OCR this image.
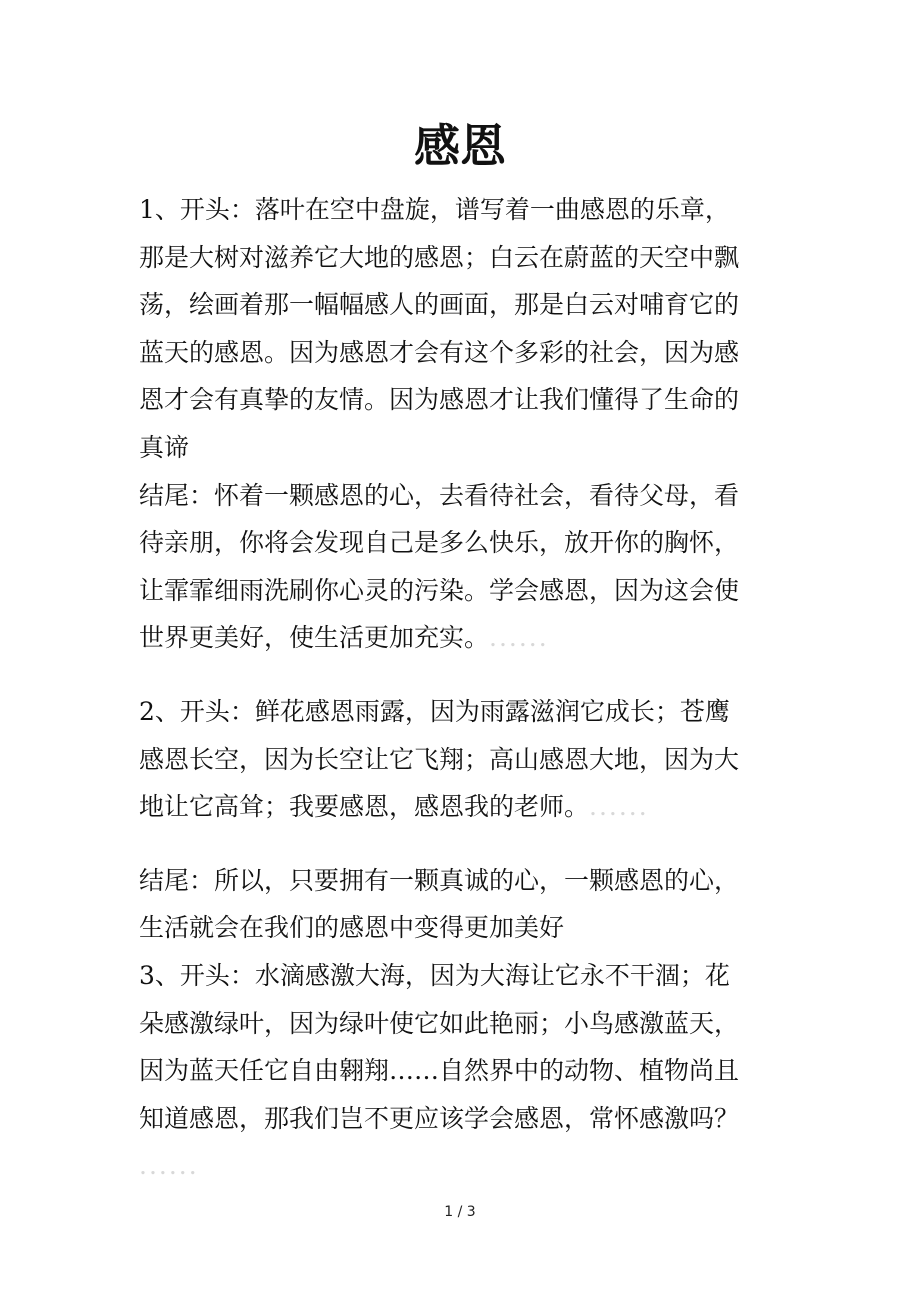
感恩
1、开头：落叶在空中盘旋，谱写着一曲感恩的乐章，
那是大树对滋养它大地的感恩；白云在蔚蓝的天空中飘
荡，绘画着那一幅幅感人的画面，那是白云对哺育它的
蓝天的感恩。因为感恩才会有这个多彩的社会，因为感
恩才会有真挚的友情。因为感恩才让我们懂得了生命的
真谛
结尾：怀着一颗感恩的心，去看待社会，看待父母，看
待亲朋，你将会发现自己是多么快乐，放开你的胸怀，
让霏霏细雨洗刷你心灵的污染。学会感恩，因为这会使
世界更美好，使生活更加充实。......
2、开头：鲜花感恩雨露，因为雨露滋润它成长；苍鹰
感恩长空，因为长空让它飞翔；高山感恩大地，因为大
地让它高耸；我要感恩，感恩我的老师。......
结尾：所以，只要拥有一颗真诚的心，一颗感恩的心，
生活就会在我们的感恩中变得更加美好
3、开头：水滴感激大海，因为大海让它永不干涸；花
朵感激绿叶，因为绿叶使它如此艳丽；小鸟感激蓝天，
因为蓝天任它自由翱翔……自然界中的动物、植物尚且
知道感恩，那我们岂不更应该学会感恩，常怀感激吗？
......
1 / 3
